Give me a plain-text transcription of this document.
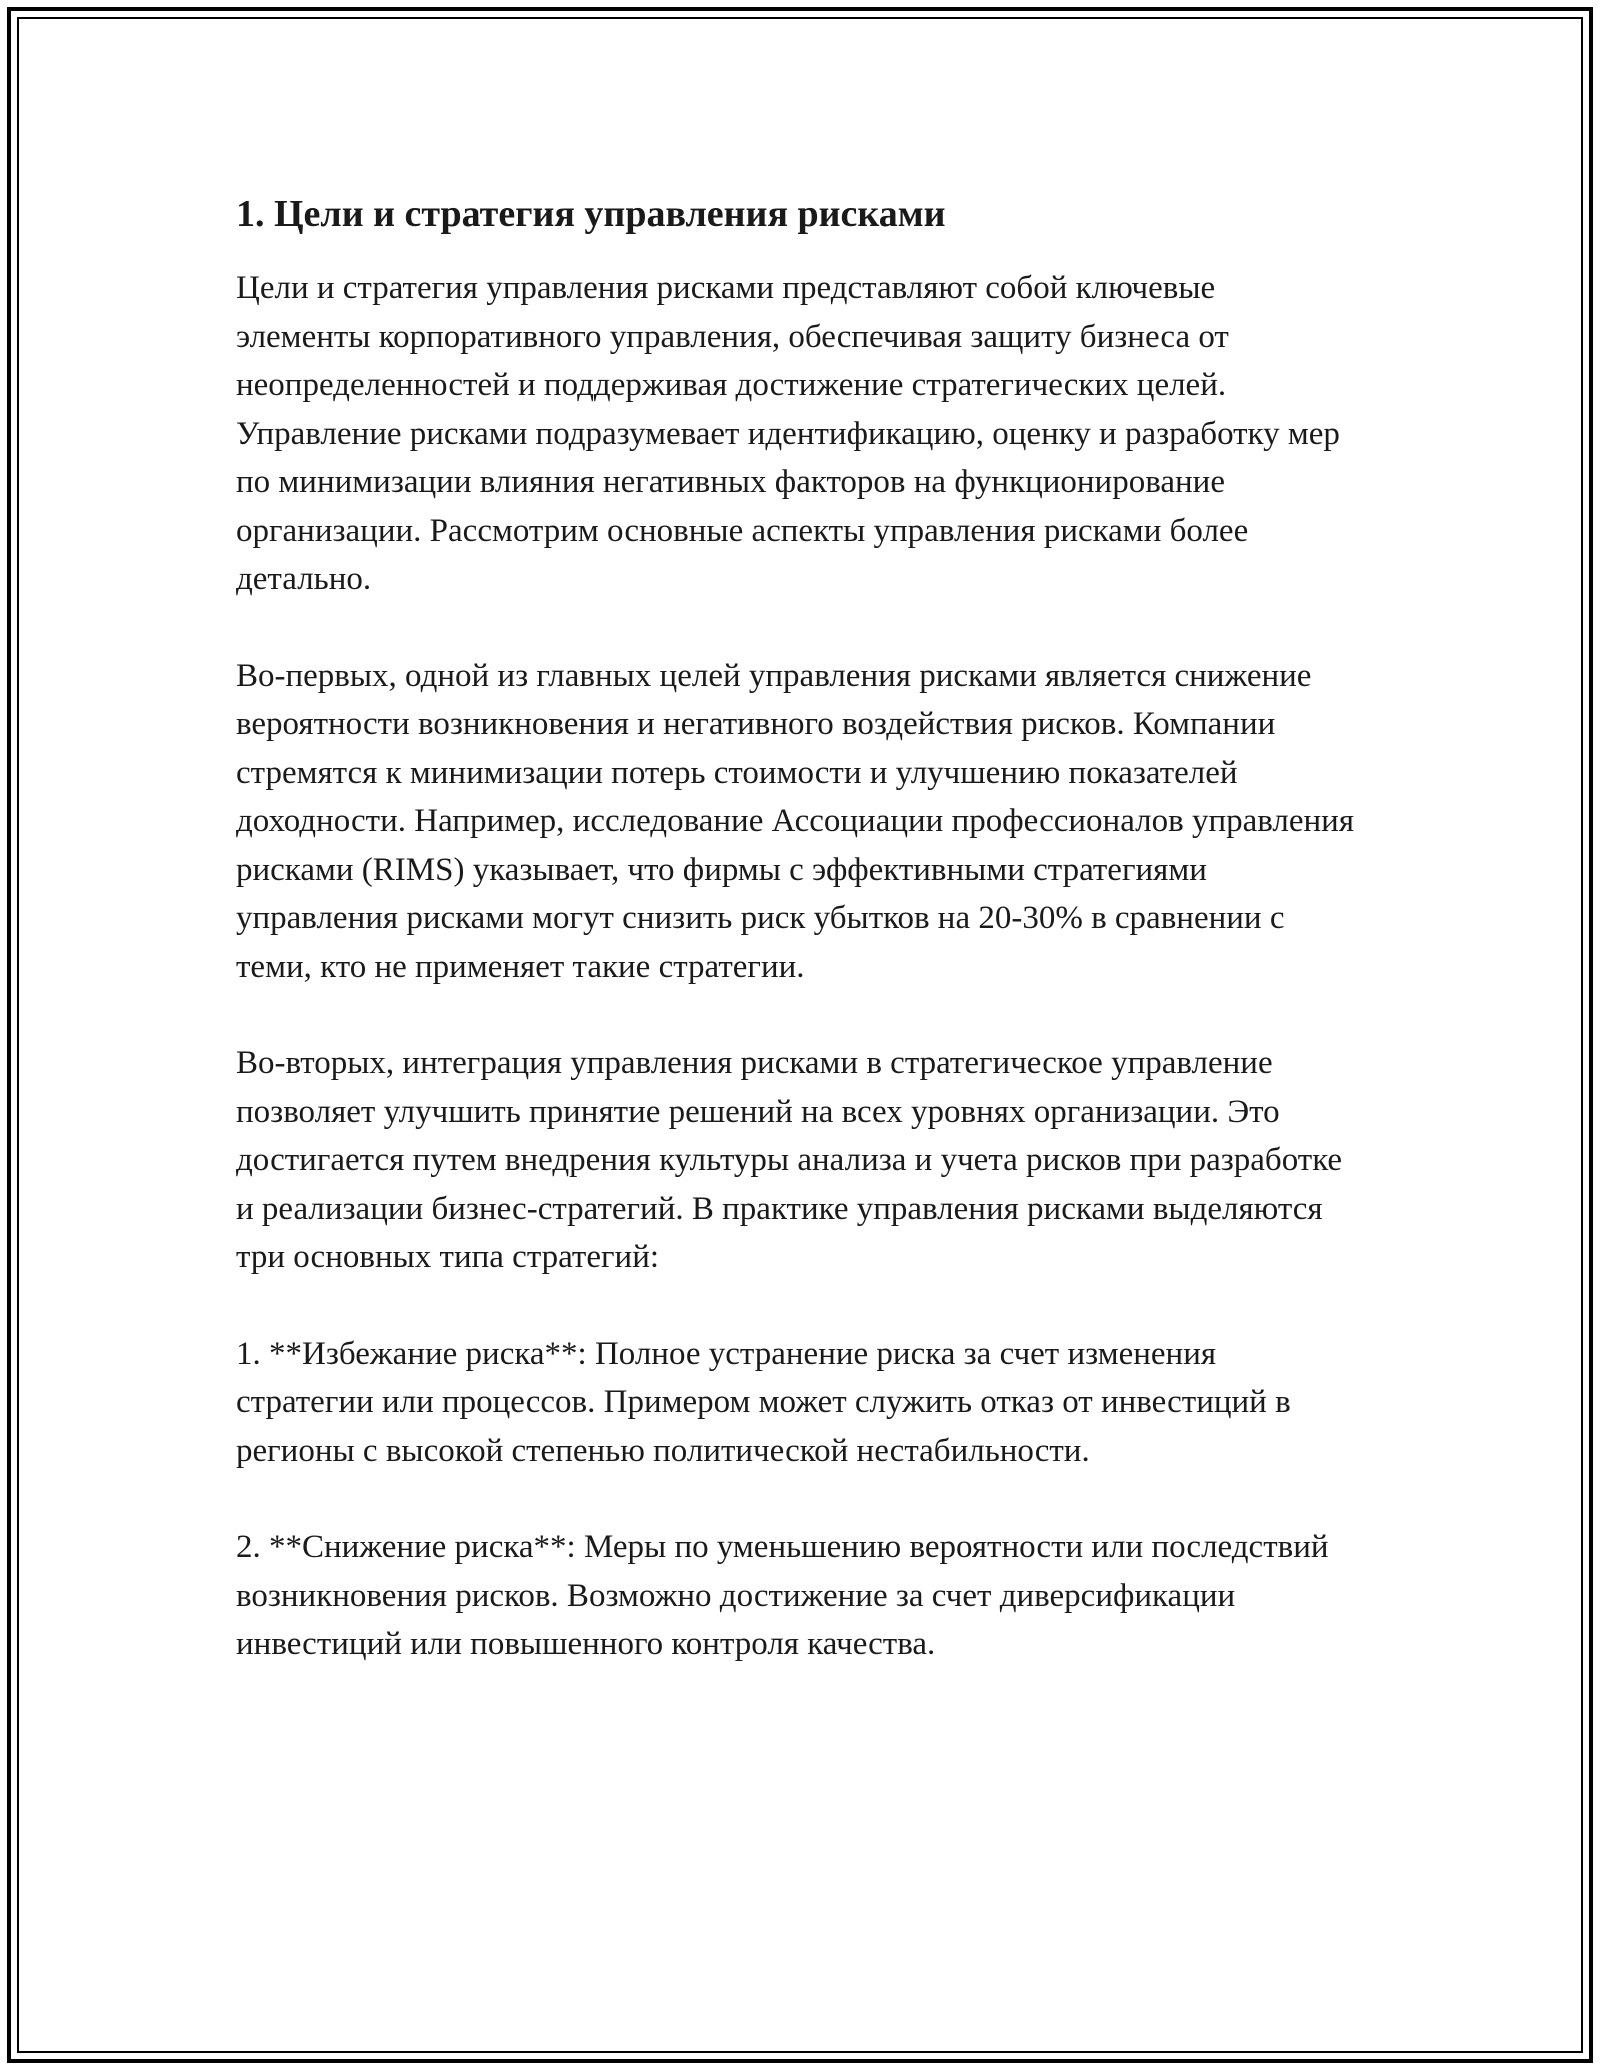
1. Цели и стратегия управления рисками

Цели и стратегия управления рисками представляют собой ключевые элементы корпоративного управления, обеспечивая защиту бизнеса от неопределенностей и поддерживая достижение стратегических целей. Управление рисками подразумевает идентификацию, оценку и разработку мер по минимизации влияния негативных факторов на функционирование организации. Рассмотрим основные аспекты управления рисками более детально.

Во-первых, одной из главных целей управления рисками является снижение вероятности возникновения и негативного воздействия рисков. Компании стремятся к минимизации потерь стоимости и улучшению показателей доходности. Например, исследование Ассоциации профессионалов управления рисками (RIMS) указывает, что фирмы с эффективными стратегиями управления рисками могут снизить риск убытков на 20-30% в сравнении с теми, кто не применяет такие стратегии.

Во-вторых, интеграция управления рисками в стратегическое управление позволяет улучшить принятие решений на всех уровнях организации. Это достигается путем внедрения культуры анализа и учета рисков при разработке и реализации бизнес-стратегий. В практике управления рисками выделяются три основных типа стратегий:

1. **Избежание риска**: Полное устранение риска за счет изменения стратегии или процессов. Примером может служить отказ от инвестиций в регионы с высокой степенью политической нестабильности.

2. **Снижение риска**: Меры по уменьшению вероятности или последствий возникновения рисков. Возможно достижение за счет диверсификации инвестиций или повышенного контроля качества.
